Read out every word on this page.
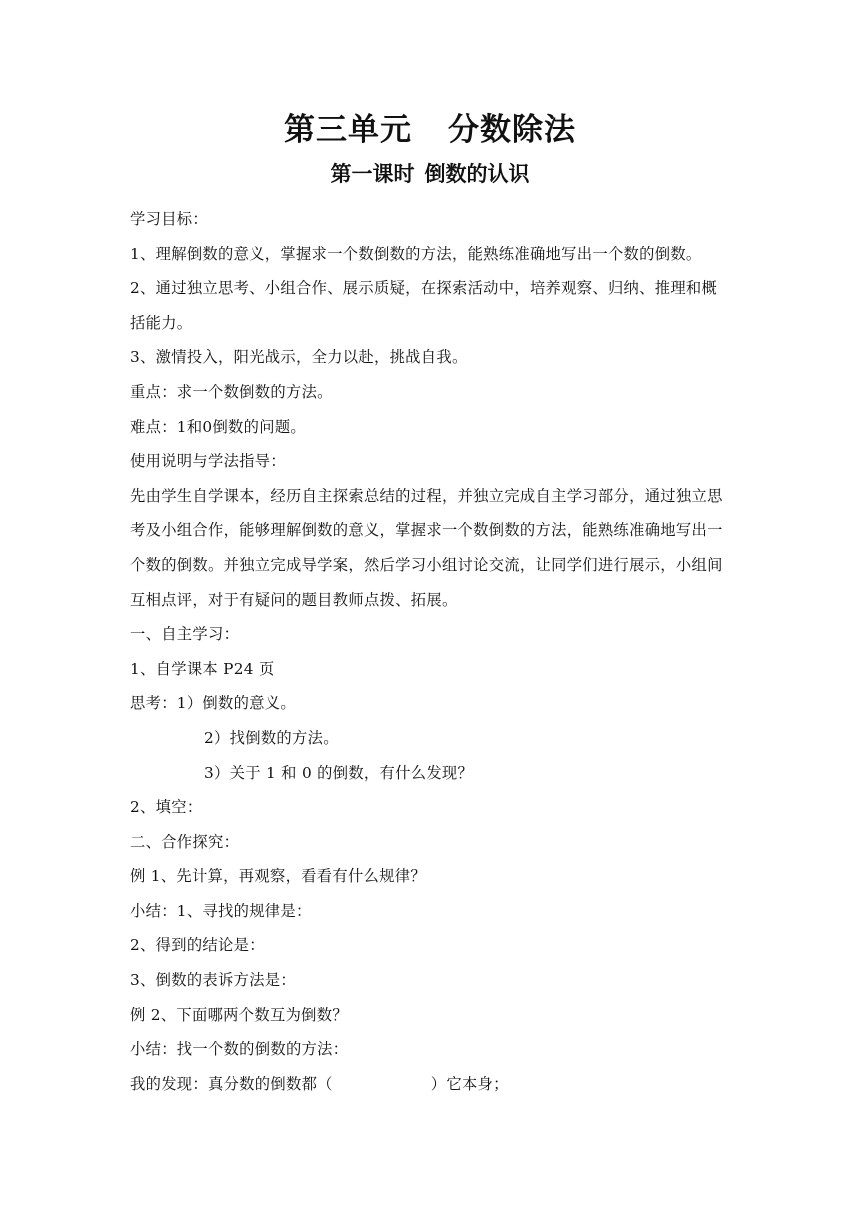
第三单元 分数除法
第一课时 倒数的认识

学习目标：

1、理解倒数的意义，掌握求一个数倒数的方法，能熟练准确地写出一个数的倒数。

2、通过独立思考、小组合作、展示质疑，在探索活动中，培养观察、归纳、推理和概括能力。

3、激情投入，阳光战示，全力以赴，挑战自我。

重点：求一个数倒数的方法。

难点：1和0倒数的问题。

使用说明与学法指导：

先由学生自学课本，经历自主探索总结的过程，并独立完成自主学习部分，通过独立思考及小组合作，能够理解倒数的意义，掌握求一个数倒数的方法，能熟练准确地写出一个数的倒数。并独立完成导学案，然后学习小组讨论交流，让同学们进行展示，小组间互相点评，对于有疑问的题目教师点拨、拓展。

一、自主学习：

1、自学课本 P24 页

思考：1）倒数的意义。

2）找倒数的方法。

3）关于 1 和 0 的倒数，有什么发现？

2、填空：

二、合作探究：

例 1、先计算，再观察，看看有什么规律？

小结：1、寻找的规律是：

2、得到的结论是：

3、倒数的表诉方法是：

例 2、下面哪两个数互为倒数？

小结：找一个数的倒数的方法：

我的发现：真分数的倒数都（	）它本身；
